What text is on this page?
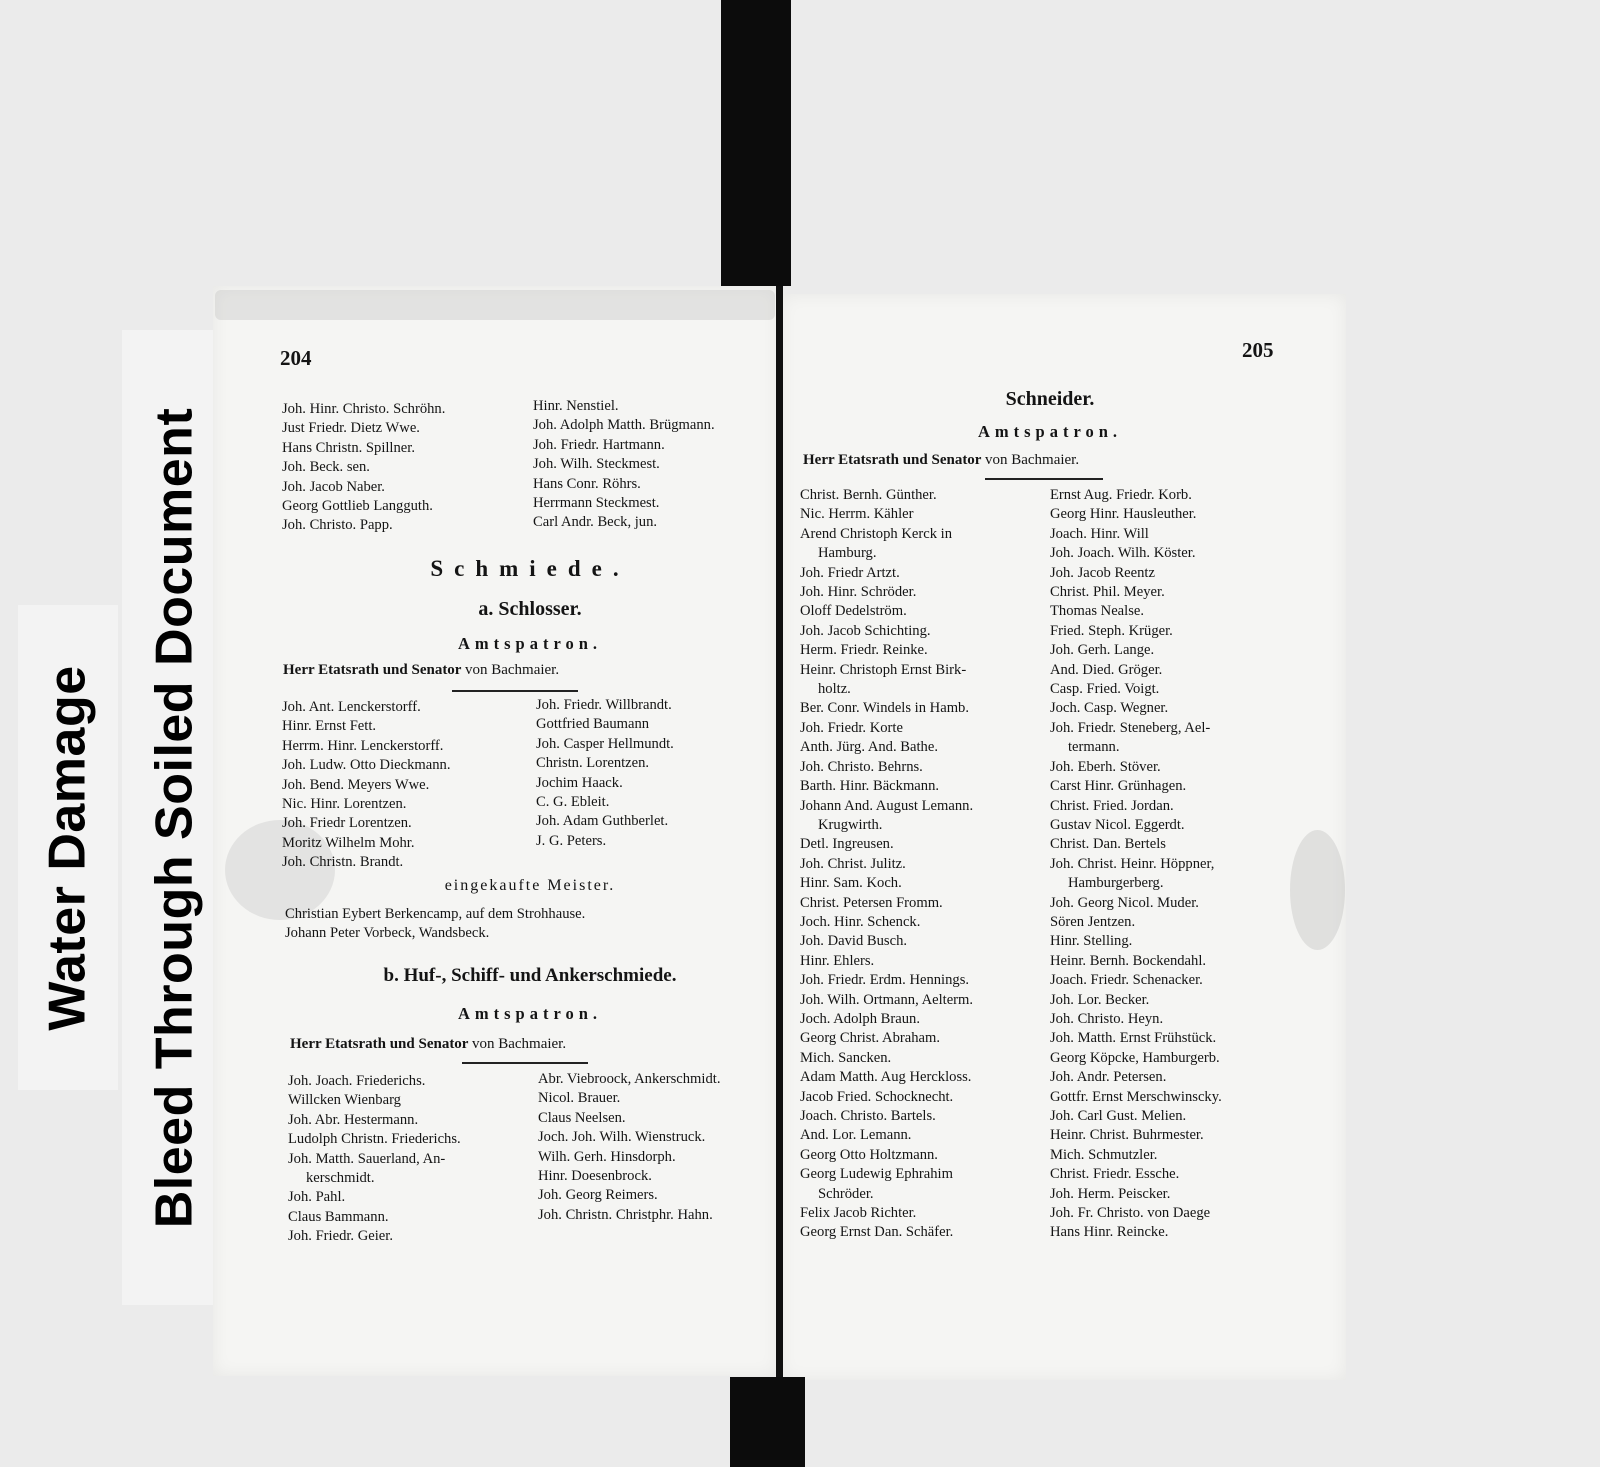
Water Damage Bleed Through Soiled Document
204
Joh. Hinr. Christo. Schröhn.
Just Friedr. Dietz Wwe.
Hans Christn. Spillner.
Joh. Beck. sen.
Joh. Jacob Naber.
Georg Gottlieb Langguth.
Joh. Christo. Papp.
Hinr. Nenstiel.
Joh. Adolph Matth. Brügmann.
Joh. Friedr. Hartmann.
Joh. Wilh. Steckmest.
Hans Conr. Röhrs.
Herrmann Steckmest.
Carl Andr. Beck, jun.
Schmiede.
a. Schlosser.
Amtspatron.
Herr Etatsrath und Senator von Bachmaier.
Joh. Ant. Lenckerstorff.
Hinr. Ernst Fett.
Herrm. Hinr. Lenckerstorff.
Joh. Ludw. Otto Dieckmann.
Joh. Bend. Meyers Wwe.
Nic. Hinr. Lorentzen.
Joh. Friedr Lorentzen.
Moritz Wilhelm Mohr.
Joh. Christn. Brandt.
Joh. Friedr. Willbrandt.
Gottfried Baumann
Joh. Casper Hellmundt.
Christn. Lorentzen.
Jochim Haack.
C. G. Ebleit.
Joh. Adam Guthberlet.
J. G. Peters.
eingekaufte Meister.
Christian Eybert Berkencamp, auf dem Strohhause.
Johann Peter Vorbeck, Wandsbeck.
b. Huf-, Schiff- und Ankerschmiede.
Amtspatron.
Herr Etatsrath und Senator von Bachmaier.
Joh. Joach. Friederichs.
Willcken Wienbarg
Joh. Abr. Hestermann.
Ludolph Christn. Friederichs.
Joh. Matth. Sauerland, An-
kerschmidt.
Joh. Pahl.
Claus Bammann.
Joh. Friedr. Geier.
Abr. Viebroock, Ankerschmidt.
Nicol. Brauer.
Claus Neelsen.
Joch. Joh. Wilh. Wienstruck.
Wilh. Gerh. Hinsdorph.
Hinr. Doesenbrock.
Joh. Georg Reimers.
Joh. Christn. Christphr. Hahn.
205
Schneider.
Amtspatron.
Herr Etatsrath und Senator von Bachmaier.
Christ. Bernh. Günther.
Nic. Herrm. Kähler
Arend Christoph Kerck in
Hamburg.
Joh. Friedr Artzt.
Joh. Hinr. Schröder.
Oloff Dedelström.
Joh. Jacob Schichting.
Herm. Friedr. Reinke.
Heinr. Christoph Ernst Birk-
holtz.
Ber. Conr. Windels in Hamb.
Joh. Friedr. Korte
Anth. Jürg. And. Bathe.
Joh. Christo. Behrns.
Barth. Hinr. Bäckmann.
Johann And. August Lemann.
Krugwirth.
Detl. Ingreusen.
Joh. Christ. Julitz.
Hinr. Sam. Koch.
Christ. Petersen Fromm.
Joch. Hinr. Schenck.
Joh. David Busch.
Hinr. Ehlers.
Joh. Friedr. Erdm. Hennings.
Joh. Wilh. Ortmann, Aelterm.
Joch. Adolph Braun.
Georg Christ. Abraham.
Mich. Sancken.
Adam Matth. Aug Herckloss.
Jacob Fried. Schocknecht.
Joach. Christo. Bartels.
And. Lor. Lemann.
Georg Otto Holtzmann.
Georg Ludewig Ephrahim
Schröder.
Felix Jacob Richter.
Georg Ernst Dan. Schäfer.
Ernst Aug. Friedr. Korb.
Georg Hinr. Hausleuther.
Joach. Hinr. Will
Joh. Joach. Wilh. Köster.
Joh. Jacob Reentz
Christ. Phil. Meyer.
Thomas Nealse.
Fried. Steph. Krüger.
Joh. Gerh. Lange.
And. Died. Gröger.
Casp. Fried. Voigt.
Joch. Casp. Wegner.
Joh. Friedr. Steneberg, Ael-
termann.
Joh. Eberh. Stöver.
Carst Hinr. Grünhagen.
Christ. Fried. Jordan.
Gustav Nicol. Eggerdt.
Christ. Dan. Bertels
Joh. Christ. Heinr. Höppner,
Hamburgerberg.
Joh. Georg Nicol. Muder.
Sören Jentzen.
Hinr. Stelling.
Heinr. Bernh. Bockendahl.
Joach. Friedr. Schenacker.
Joh. Lor. Becker.
Joh. Christo. Heyn.
Joh. Matth. Ernst Frühstück.
Georg Köpcke, Hamburgerb.
Joh. Andr. Petersen.
Gottfr. Ernst Merschwinscky.
Joh. Carl Gust. Melien.
Heinr. Christ. Buhrmester.
Mich. Schmutzler.
Christ. Friedr. Essche.
Joh. Herm. Peiscker.
Joh. Fr. Christo. von Daege
Hans Hinr. Reincke.
